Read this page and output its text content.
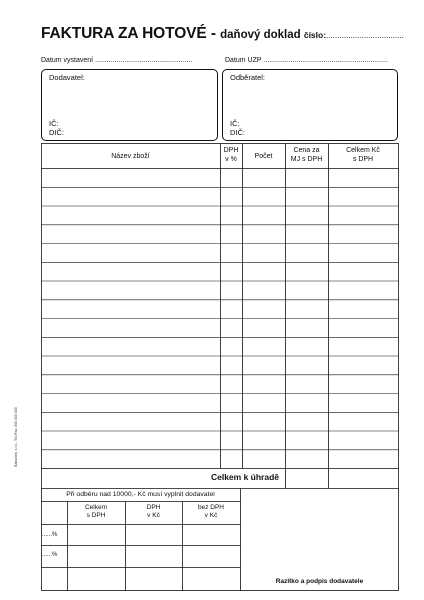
FAKTURA ZA HOTOVÉ - daňový doklad číslo:...................................
Datum vystavení ..................................................	Datum UZP ................................................................
Dodavatel:
IČ:
DIČ:
Odběratel:
IČ:
DIČ:
Baloušek, s.r.o., Tel./Fax: 000 000 000
Název zboží
DPH
v %	Počet
Cena za
MJ s DPH
Celkem Kč
s DPH
Celkem k úhradě
Při odběru nad 10000,- Kč musí vyplnit dodavatel
Celkem
s DPH
DPH
v Kč
bez DPH
v Kč
......%
......%
Razítko a podpis dodavatele
